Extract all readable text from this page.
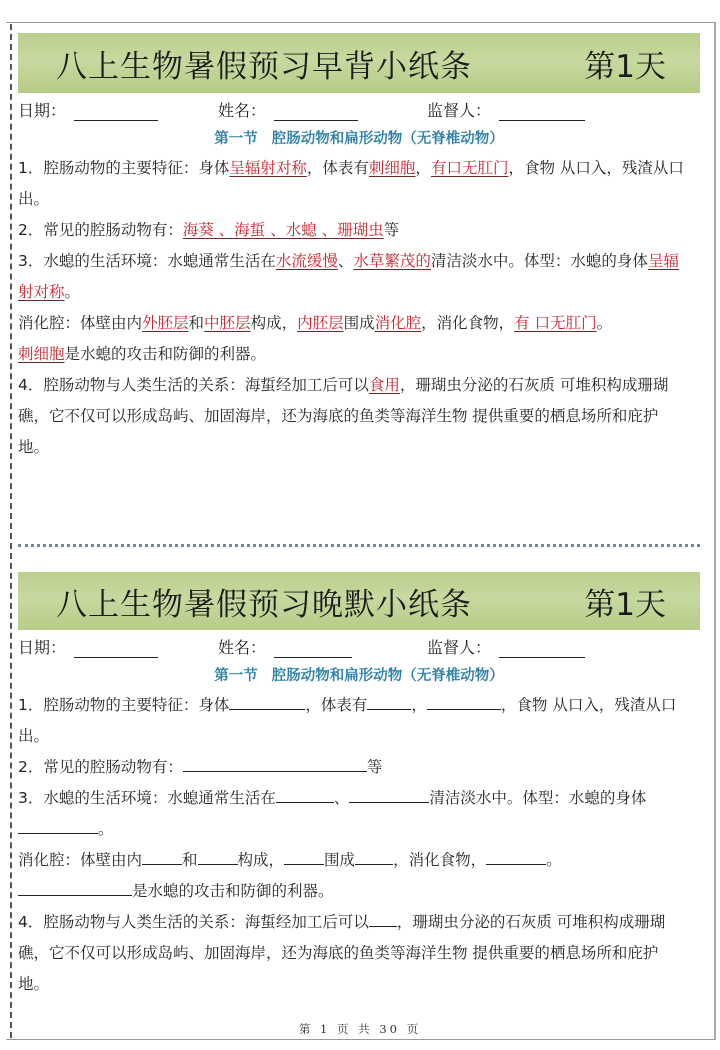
八上生物暑假预习早背小纸条	第1天
日期：	姓名：	监督人：
第一节 腔肠动物和扁形动物（无脊椎动物）
1．腔肠动物的主要特征：身体呈辐射对称，体表有刺细胞，有口无肛门，食物 从口入，残渣从口出。
2．常见的腔肠动物有：海葵 、海蜇 、水螅 、珊瑚虫等
3．水螅的生活环境：水螅通常生活在水流缓慢、水草繁茂的清洁淡水中。体型：水螅的身体呈辐射对称。
消化腔：体壁由内外胚层和中胚层构成，内胚层围成消化腔，消化食物，有 口无肛门。
刺细胞是水螅的攻击和防御的利器。
4．腔肠动物与人类生活的关系：海蜇经加工后可以食用，珊瑚虫分泌的石灰质 可堆积构成珊瑚礁，它不仅可以形成岛屿、加固海岸，还为海底的鱼类等海洋生物 提供重要的栖息场所和庇护地。
八上生物暑假预习晚默小纸条	第1天
日期：	姓名：	监督人：
第一节 腔肠动物和扁形动物（无脊椎动物）
1．腔肠动物的主要特征：身体	，体表有	，	，食物 从口入，残渣从口出。
2．常见的腔肠动物有：	等
3．水螅的生活环境：水螅通常生活在	、	清洁淡水中。体型：水螅的身体。
消化腔：体壁由内	和	构成，	围成 ，消化食物，	。
是水螅的攻击和防御的利器。
4．腔肠动物与人类生活的关系：海蜇经加工后可以 ，珊瑚虫分泌的石灰质 可堆积构成珊瑚礁，它不仅可以形成岛屿、加固海岸，还为海底的鱼类等海洋生物 提供重要的栖息场所和庇护地。
第 1 页 共 30 页
